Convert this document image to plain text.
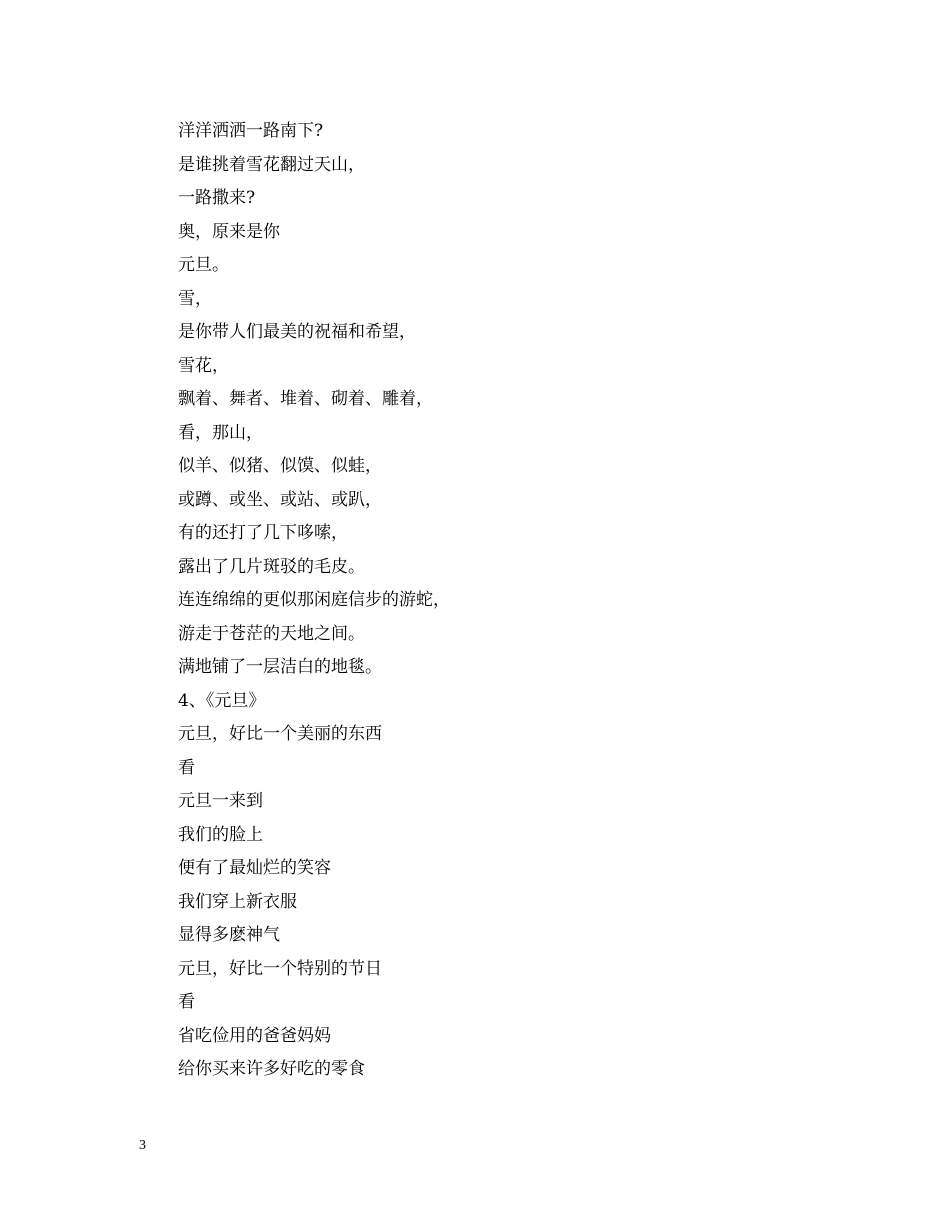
洋洋洒洒一路南下?
是谁挑着雪花翻过天山，
一路撒来?
奥，原来是你
元旦。
雪，
是你带人们最美的祝福和希望，
雪花，
飘着、舞者、堆着、砌着、雕着，
看，那山，
似羊、似猪、似馍、似蛙，
或蹲、或坐、或站、或趴，
有的还打了几下哆嗦，
露出了几片斑驳的毛皮。
连连绵绵的更似那闲庭信步的游蛇，
游走于苍茫的天地之间。
满地铺了一层洁白的地毯。
4、《元旦》
元旦，好比一个美丽的东西
看
元旦一来到
我们的脸上
便有了最灿烂的笑容
我们穿上新衣服
显得多麽神气
元旦，好比一个特别的节日
看
省吃俭用的爸爸妈妈
给你买来许多好吃的零食
3
